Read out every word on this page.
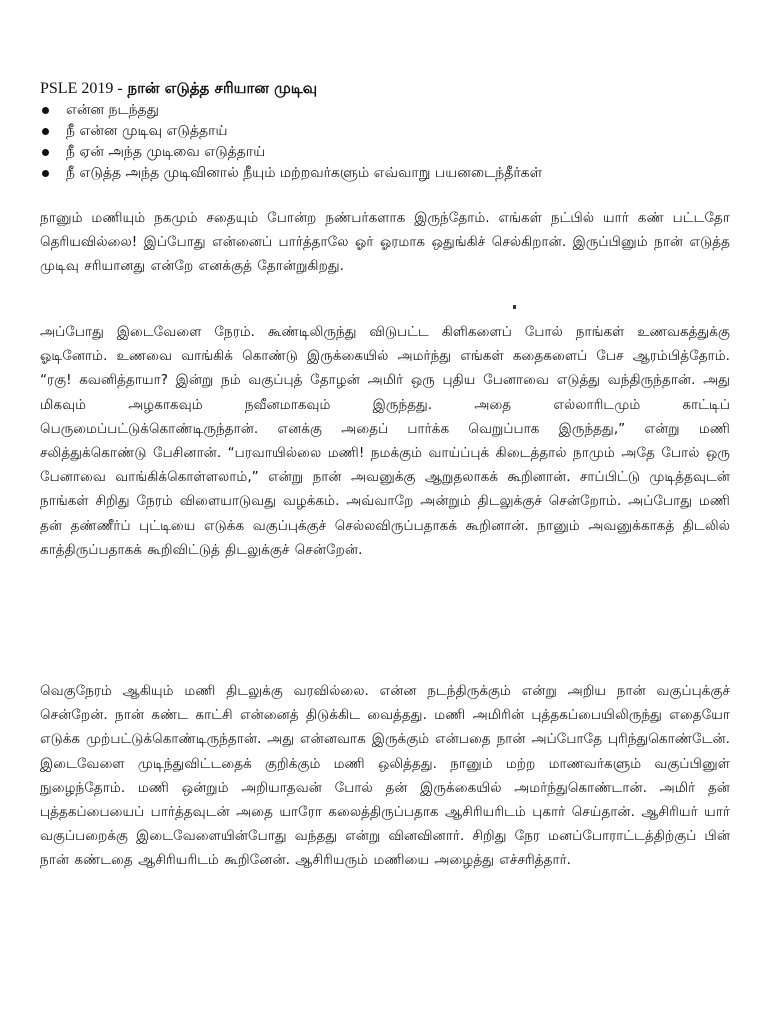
PSLE 2019 - நான் எடுத்த சரியான முடிவு
என்ன நடந்தது
நீ என்ன முடிவு எடுத்தாய்
நீ ஏன் அந்த முடிவை எடுத்தாய்
நீ எடுத்த அந்த முடிவினால் நீயும் மற்றவர்களும் எவ்வாறு பயனடைந்தீர்கள்

நானும் மணியும் நகமும் சதையும் போன்ற நண்பர்களாக இருந்தோம். எங்கள் நட்பில் யார் கண் பட்டதோ தெரியவில்லை! இப்போது என்னைப் பார்த்தாலே ஓர் ஓரமாக ஒதுங்கிச் செல்கிறான். இருப்பினும் நான் எடுத்த முடிவு சரியானது என்றே எனக்குத் தோன்றுகிறது.

அப்போது இடைவேளை நேரம். கூண்டிலிருந்து விடுபட்ட கிளிகளைப் போல் நாங்கள் உணவகத்துக்கு ஓடினோம். உணவை வாங்கிக் கொண்டு இருக்கையில் அமர்ந்து எங்கள் கதைகளைப் பேச ஆரம்பித்தோம். “ரகு! கவனித்தாயா? இன்று நம் வகுப்புத் தோழன் அமிர் ஒரு புதிய பேனாவை எடுத்து வந்திருந்தான். அது மிகவும் அழகாகவும் நவீனமாகவும் இருந்தது. அதை எல்லாரிடமும் காட்டிப் பெருமைப்பட்டுக்கொண்டிருந்தான். எனக்கு அதைப் பார்க்க வெறுப்பாக இருந்தது,” என்று மணி சலித்துக்கொண்டு பேசினான். “பரவாயில்லை மணி! நமக்கும் வாய்ப்புக் கிடைத்தால் நாமும் அதே போல் ஒரு பேனாவை வாங்கிக்கொள்ளலாம்,” என்று நான் அவனுக்கு ஆறுதலாகக் கூறினான். சாப்பிட்டு முடித்தவுடன் நாங்கள் சிறிது நேரம் விளையாடுவது வழக்கம். அவ்வாறே அன்றும் திடலுக்குச் சென்றோம். அப்போது மணி தன் தண்ணீர்ப் புட்டியை எடுக்க வகுப்புக்குச் செல்லவிருப்பதாகக் கூறினான். நானும் அவனுக்காகத் திடலில் காத்திருப்பதாகக் கூறிவிட்டுத் திடலுக்குச் சென்றேன்.

வெகுநேரம் ஆகியும் மணி திடலுக்கு வரவில்லை. என்ன நடந்திருக்கும் என்று அறிய நான் வகுப்புக்குச் சென்றேன். நான் கண்ட காட்சி என்னைத் திடுக்கிட வைத்தது. மணி அமிரின் புத்தகப்பையிலிருந்து எதையோ எடுக்க முற்பட்டுக்கொண்டிருந்தான். அது என்னவாக இருக்கும் என்பதை நான் அப்போதே புரிந்துகொண்டேன். இடைவேளை முடிந்துவிட்டதைக் குறிக்கும் மணி ஒலித்தது. நானும் மற்ற மாணவர்களும் வகுப்பினுள் நுழைந்தோம். மணி ஒன்றும் அறியாதவன் போல் தன் இருக்கையில் அமர்ந்துகொண்டான். அமிர் தன் புத்தகப்பையைப் பார்த்தவுடன் அதை யாரோ கலைத்திருப்பதாக ஆசிரியரிடம் புகார் செய்தான். ஆசிரியர் யார் வகுப்பறைக்கு இடைவேளையின்போது வந்தது என்று வினவினார். சிறிது நேர மனப்போராட்டத்திற்குப் பின் நான் கண்டதை ஆசிரியரிடம் கூறினேன். ஆசிரியரும் மணியை அழைத்து எச்சரித்தார்.
